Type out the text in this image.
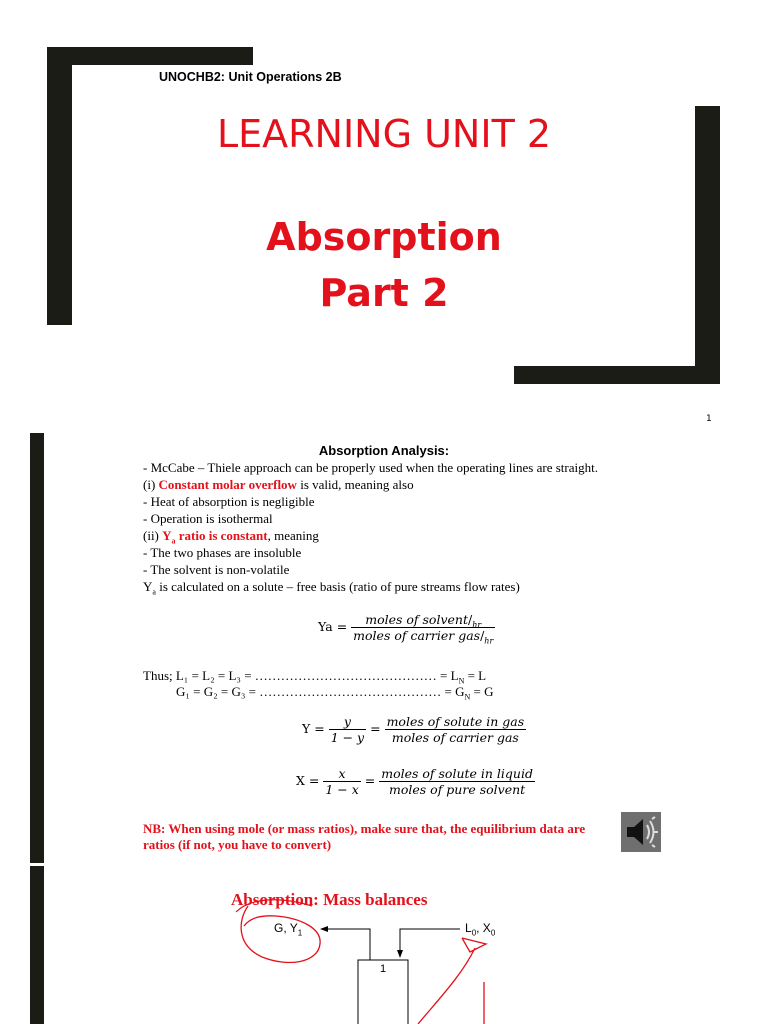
UNOCHB2: Unit Operations 2B
LEARNING UNIT 2
Absorption
Part 2
1
Absorption Analysis:
- McCabe – Thiele approach can be properly used when the operating lines are straight.
(i) Constant molar overflow is valid, meaning also
- Heat of absorption is negligible
- Operation is isothermal
(ii) $Y_a$ ratio is constant, meaning
- The two phases are insoluble
- The solvent is non-volatile
$Y_a$ is calculated on a solute – free basis (ratio of pure streams flow rates)
$Ya = \frac{moles of solvent/_{hr}}{moles of carrier gas/_{hr}}$
Thus; L₁ = L₂ = L₃ = …………………………………… = $L_N = L$
G₁ = G₂ = G₃ = …………………………………… = $G_N = G$
$Y = \frac{y}{1 - y} = \frac{\text{moles of solute in gas}}{\text{moles of carrier gas}}$
$X = \frac{x}{1 - x} = \frac{\text{moles of solute in liquid}}{\text{moles of pure solvent}}$
NB: When using mole (or mass ratios), make sure that, the equilibrium data are
ratios (if not, you have to convert)
Absorption: Mass balances
G, $Y_1$	$L_0$, $X_0$
1
